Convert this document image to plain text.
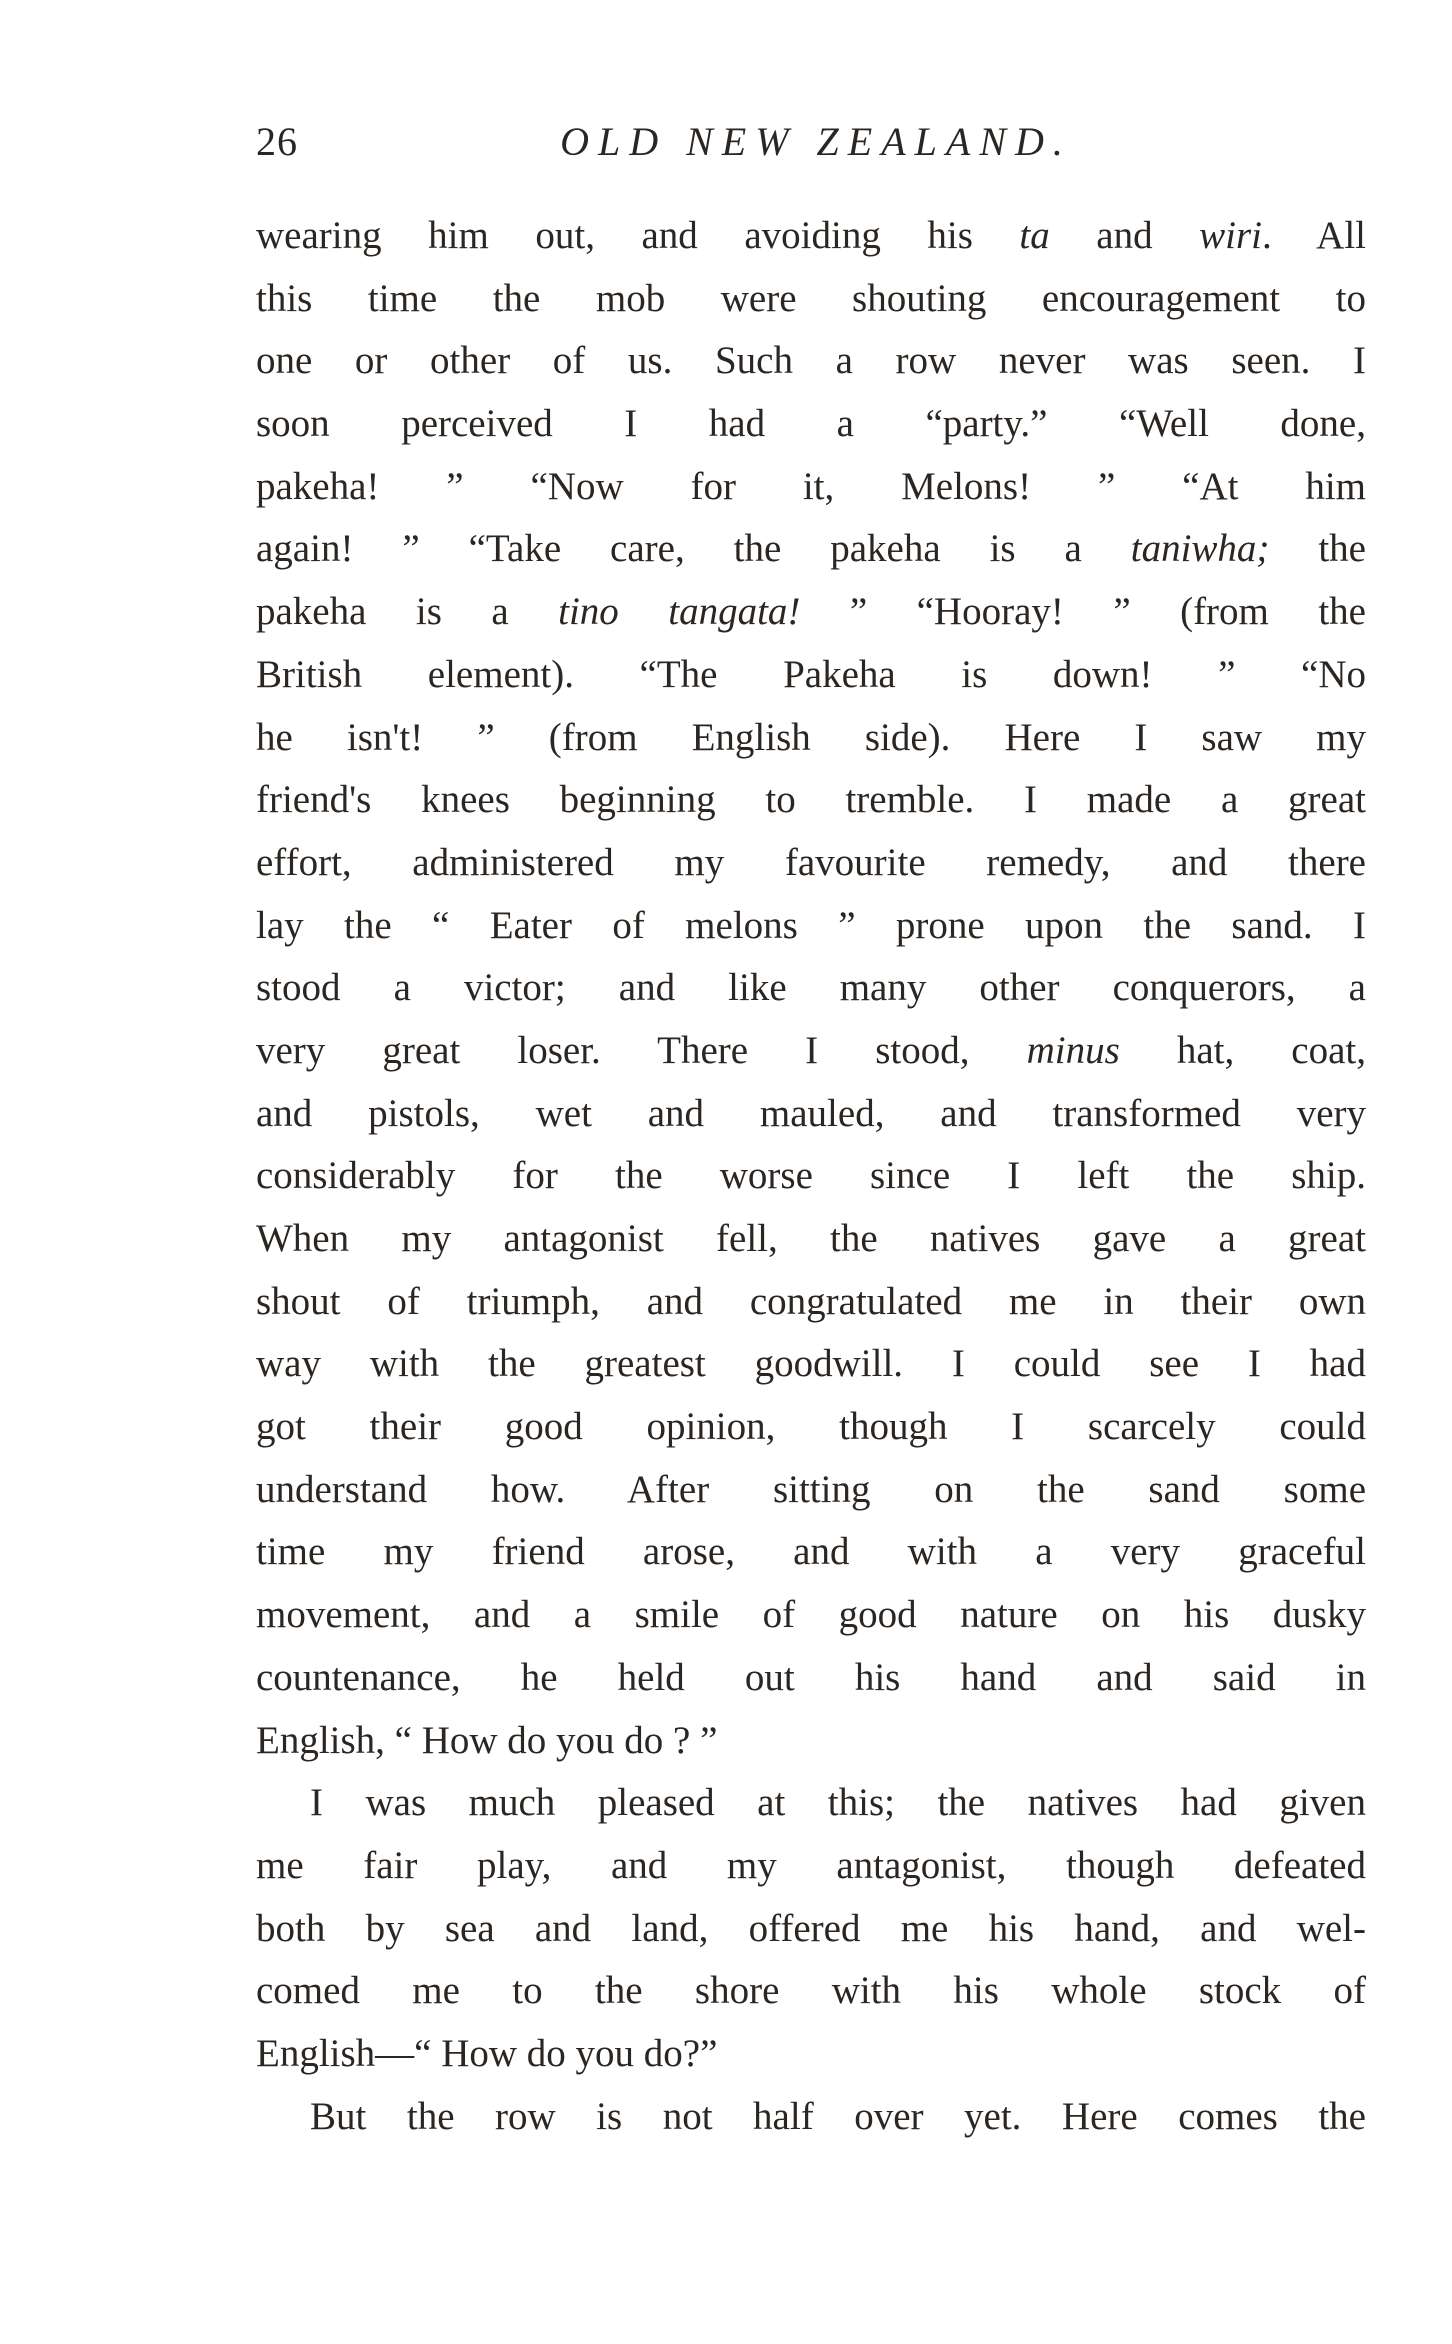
26	OLD NEW ZEALAND.
wearing him out, and avoiding his ta and wiri. All
this time the mob were shouting encouragement to
one or other of us. Such a row never was seen. I
soon perceived I had a “party.” “Well done,
pakeha! ” “Now for it, Melons! ” “At him
again! ” “Take care, the pakeha is a taniwha; the
pakeha is a tino tangata! ” “Hooray! ” (from the
British element). “The Pakeha is down! ” “No
he isn't! ” (from English side). Here I saw my
friend's knees beginning to tremble. I made a great
effort, administered my favourite remedy, and there
lay the “ Eater of melons ” prone upon the sand. I
stood a victor; and like many other conquerors, a
very great loser. There I stood, minus hat, coat,
and pistols, wet and mauled, and transformed very
considerably for the worse since I left the ship.
When my antagonist fell, the natives gave a great
shout of triumph, and congratulated me in their own
way with the greatest goodwill. I could see I had
got their good opinion, though I scarcely could
understand how. After sitting on the sand some
time my friend arose, and with a very graceful
movement, and a smile of good nature on his dusky
countenance, he held out his hand and said in
English, “ How do you do ? ”
I was much pleased at this; the natives had given
me fair play, and my antagonist, though defeated
both by sea and land, offered me his hand, and wel-
comed me to the shore with his whole stock of
English—“ How do you do?”
But the row is not half over yet. Here comes the
